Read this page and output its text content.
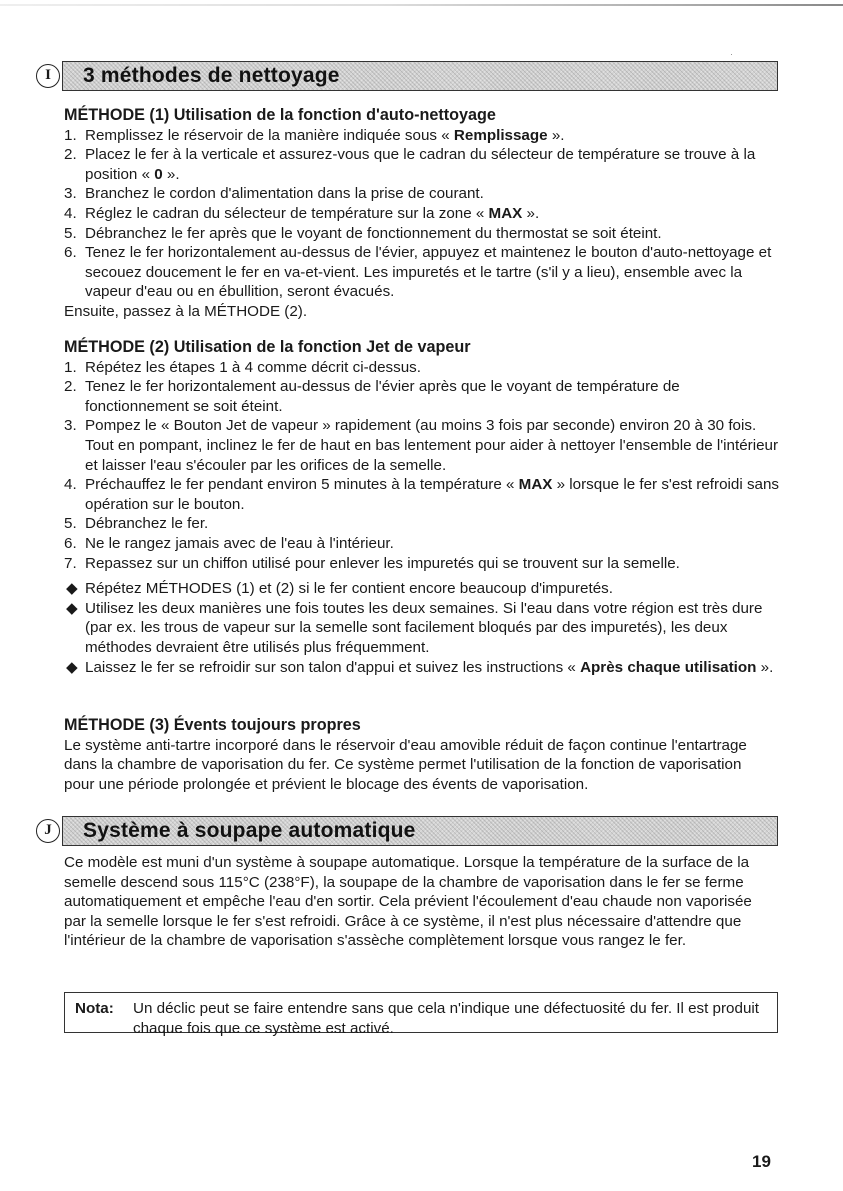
·
I	3 méthodes de nettoyage

MÉTHODE (1) Utilisation de la fonction d'auto-nettoyage

1. Remplissez le réservoir de la manière indiquée sous « Remplissage ».
2. Placez le fer à la verticale et assurez-vous que le cadran du sélecteur de température se trouve à la position « 0 ».
3. Branchez le cordon d'alimentation dans la prise de courant.
4. Réglez le cadran du sélecteur de température sur la zone « MAX ».
5. Débranchez le fer après que le voyant de fonctionnement du thermostat se soit éteint.
6. Tenez le fer horizontalement au-dessus de l'évier, appuyez et maintenez le bouton d'auto-nettoyage et secouez doucement le fer en va-et-vient. Les impuretés et le tartre (s'il y a lieu), ensemble avec la vapeur d'eau ou en ébullition, seront évacués.

Ensuite, passez à la MÉTHODE (2).

MÉTHODE (2) Utilisation de la fonction Jet de vapeur

1. Répétez les étapes 1 à 4 comme décrit ci-dessus.
2. Tenez le fer horizontalement au-dessus de l'évier après que le voyant de température de fonctionnement se soit éteint.
3. Pompez le « Bouton Jet de vapeur » rapidement (au moins 3 fois par seconde) environ 20 à 30 fois. Tout en pompant, inclinez le fer de haut en bas lentement pour aider à nettoyer l'ensemble de l'intérieur et laisser l'eau s'écouler par les orifices de la semelle.
4. Préchauffez le fer pendant environ 5 minutes à la température « MAX » lorsque le fer s'est refroidi sans opération sur le bouton.
5. Débranchez le fer.
6. Ne le rangez jamais avec de l'eau à l'intérieur.
7. Repassez sur un chiffon utilisé pour enlever les impuretés qui se trouvent sur la semelle.
◆ Répétez MÉTHODES (1) et (2) si le fer contient encore beaucoup d'impuretés.
◆ Utilisez les deux manières une fois toutes les deux semaines. Si l'eau dans votre région est très dure (par ex. les trous de vapeur sur la semelle sont facilement bloqués par des impuretés), les deux méthodes devraient être utilisés plus fréquemment.
◆ Laissez le fer se refroidir sur son talon d'appui et suivez les instructions « Après chaque utilisation ».

MÉTHODE (3) Évents toujours propres

Le système anti-tartre incorporé dans le réservoir d'eau amovible réduit de façon continue l'entartrage dans la chambre de vaporisation du fer. Ce système permet l'utilisation de la fonction de vaporisation pour une période prolongée et prévient le blocage des évents de vaporisation.

J	Système à soupape automatique

Ce modèle est muni d'un système à soupape automatique. Lorsque la température de la surface de la semelle descend sous 115°C (238°F), la soupape de la chambre de vaporisation dans le fer se ferme automatiquement et empêche l'eau d'en sortir. Cela prévient l'écoulement d'eau chaude non vaporisée par la semelle lorsque le fer s'est refroidi. Grâce à ce système, il n'est plus nécessaire d'attendre que l'intérieur de la chambre de vaporisation s'assèche complètement lorsque vous rangez le fer.

Nota: Un déclic peut se faire entendre sans que cela n'indique une défectuosité du fer. Il est produit chaque fois que ce système est activé.
19
